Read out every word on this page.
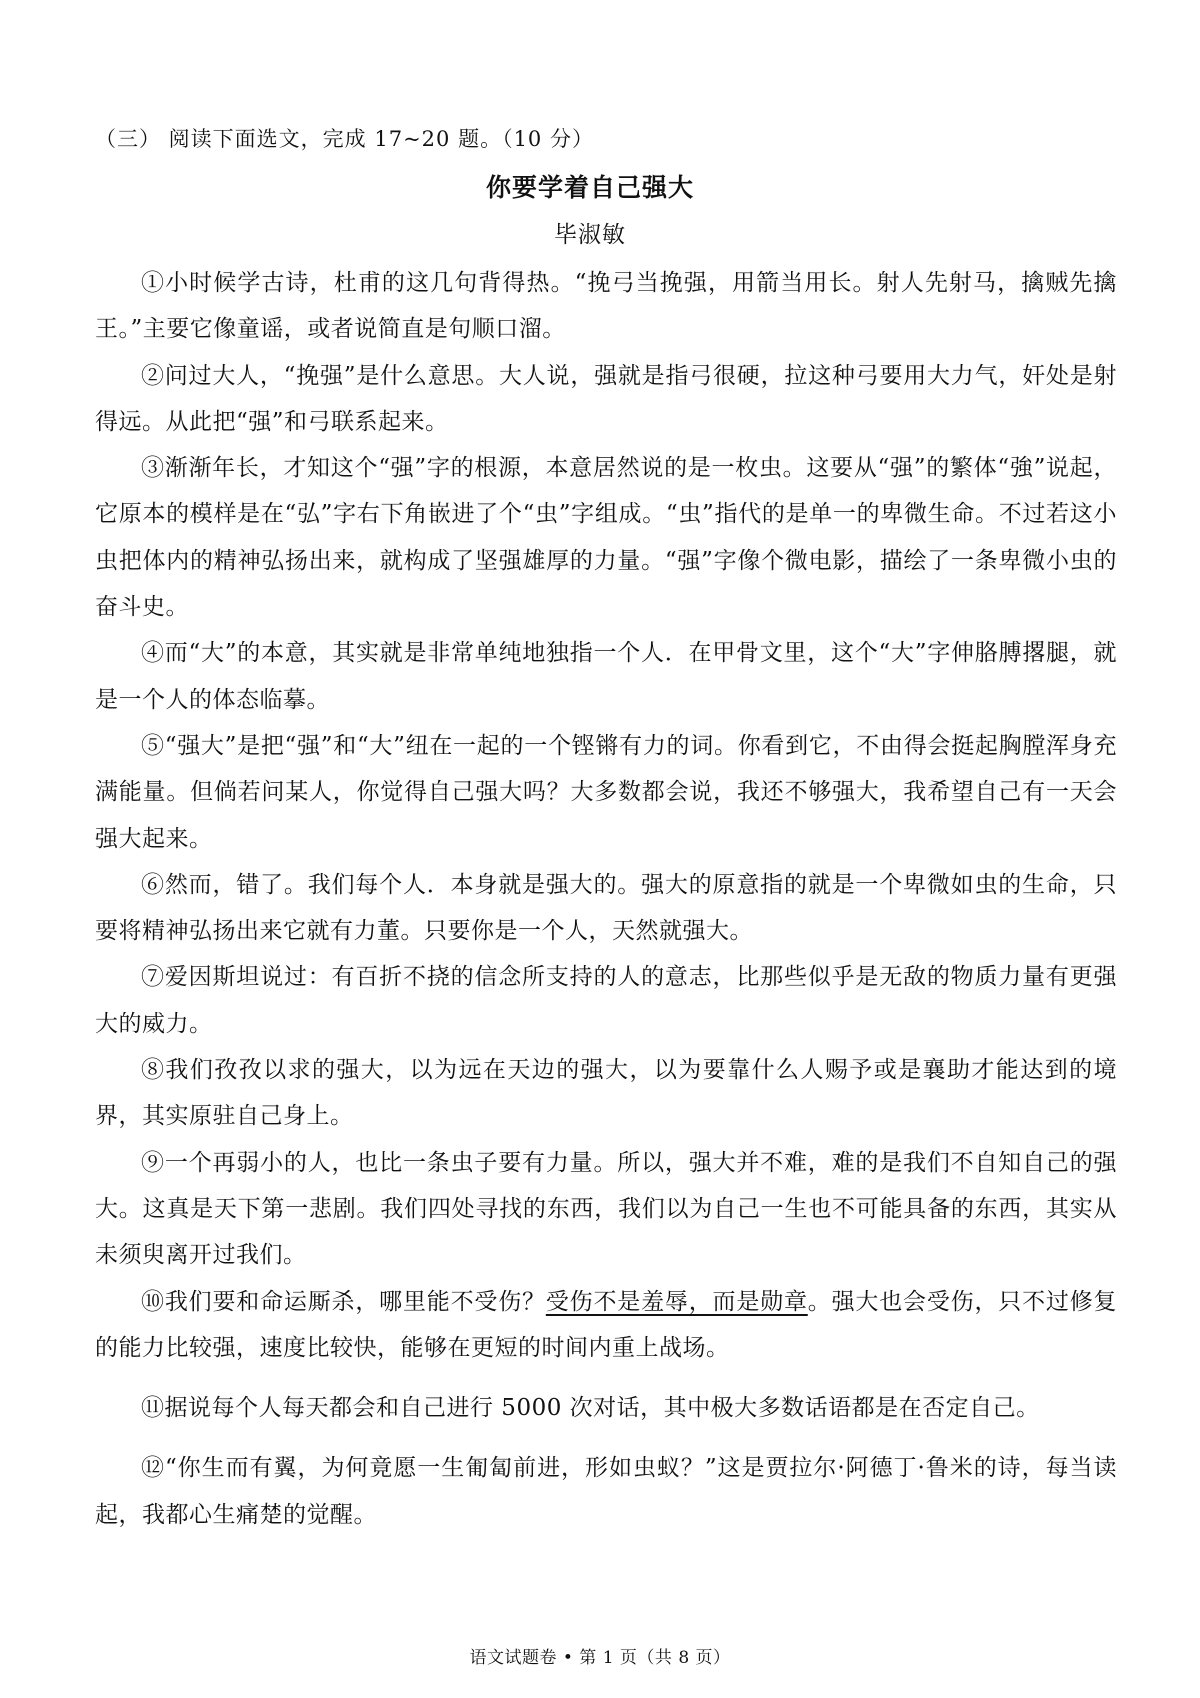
（三） 阅读下面选文，完成 17~20 题。（10 分）
你要学着自己强大
毕淑敏

①小时候学古诗，杜甫的这几句背得热。“挽弓当挽强，用箭当用长。射人先射马，擒贼先擒王。”主要它像童谣，或者说简直是句顺口溜。

②问过大人，“挽强”是什么意思。大人说，强就是指弓很硬，拉这种弓要用大力气，奸处是射得远。从此把“强”和弓联系起来。

③渐渐年长，才知这个“强”字的根源，本意居然说的是一枚虫。这要从“强”的繁体“強”说起，它原本的模样是在“弘”字右下角嵌进了个“虫”字组成。“虫”指代的是单一的卑微生命。不过若这小虫把体内的精神弘扬出来，就构成了坚强雄厚的力量。“强”字像个微电影，描绘了一条卑微小虫的奋斗史。

④而“大”的本意，其实就是非常单纯地独指一个人．在甲骨文里，这个“大”字伸胳膊撂腿，就是一个人的体态临摹。

⑤“强大”是把“强”和“大”纽在一起的一个铿锵有力的词。你看到它，不由得会挺起胸膛浑身充满能量。但倘若问某人，你觉得自己强大吗？大多数都会说，我还不够强大，我希望自己有一天会强大起来。

⑥然而，错了。我们每个人．本身就是强大的。强大的原意指的就是一个卑微如虫的生命，只要将精神弘扬出来它就有力董。只要你是一个人，天然就强大。

⑦爱因斯坦说过：有百折不挠的信念所支持的人的意志，比那些似乎是无敌的物质力量有更强大的威力。

⑧我们孜孜以求的强大，以为远在天边的强大，以为要靠什么人赐予或是襄助才能达到的境界，其实原驻自己身上。

⑨一个再弱小的人，也比一条虫子要有力量。所以，强大并不难，难的是我们不自知自己的强大。这真是天下第一悲剧。我们四处寻找的东西，我们以为自己一生也不可能具备的东西，其实从未须臾离开过我们。

⑩我们要和命运厮杀，哪里能不受伤？受伤不是羞辱，而是勋章。强大也会受伤，只不过修复的能力比较强，速度比较快，能够在更短的时间内重上战场。

⑪据说每个人每天都会和自己进行 5000 次对话，其中极大多数话语都是在否定自己。

⑫“你生而有翼，为何竟愿一生匍匐前进，形如虫蚁？”这是贾拉尔·阿德丁·鲁米的诗，每当读起，我都心生痛楚的觉醒。

语文试题卷 • 第 1 页（共 8 页）
